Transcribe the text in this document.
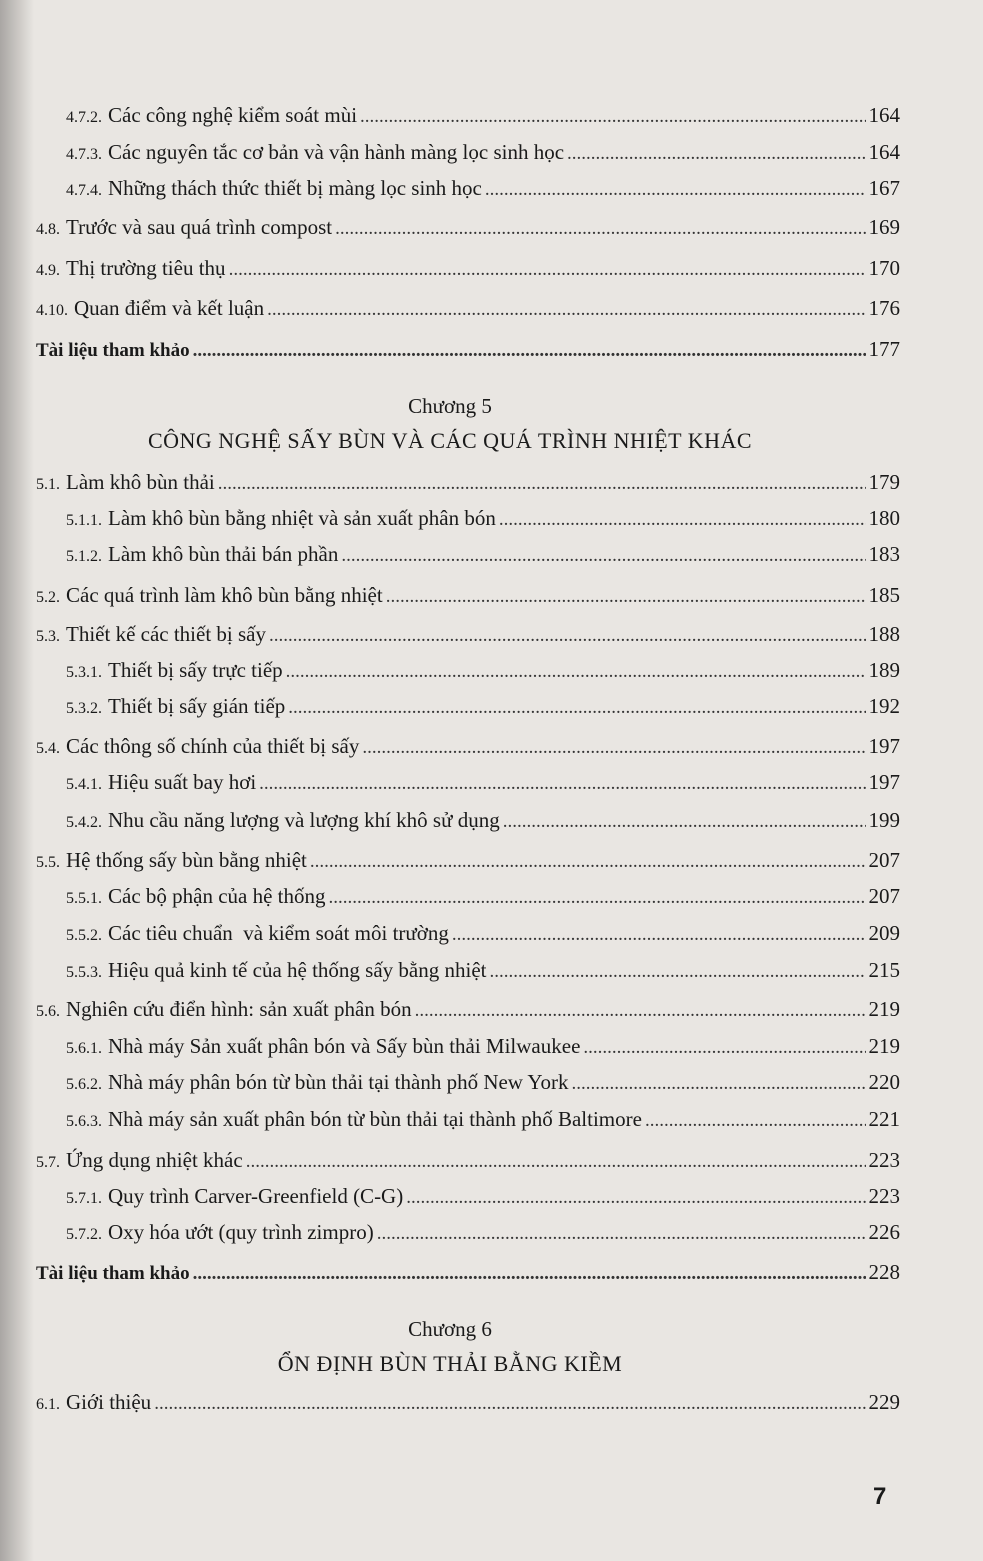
4.7.2. Các công nghệ kiểm soát mùi .....	164
4.7.3. Các nguyên tắc cơ bản và vận hành màng lọc sinh học .....	164
4.7.4. Những thách thức thiết bị màng lọc sinh học .....	167
4.8. Trước và sau quá trình compost .....	169
4.9. Thị trường tiêu thụ .....	170
4.10. Quan điểm và kết luận .....	176
Tài liệu tham khảo .....	177
Chương 5
CÔNG NGHỆ SẤY BÙN VÀ CÁC QUÁ TRÌNH NHIỆT KHÁC
5.1. Làm khô bùn thải .....	179
5.1.1. Làm khô bùn bằng nhiệt và sản xuất phân bón .....	180
5.1.2. Làm khô bùn thải bán phần .....	183
5.2. Các quá trình làm khô bùn bằng nhiệt .....	185
5.3. Thiết kế các thiết bị sấy .....	188
5.3.1. Thiết bị sấy trực tiếp .....	189
5.3.2. Thiết bị sấy gián tiếp .....	192
5.4. Các thông số chính của thiết bị sấy .....	197
5.4.1. Hiệu suất bay hơi .....	197
5.4.2. Nhu cầu năng lượng và lượng khí khô sử dụng .....	199
5.5. Hệ thống sấy bùn bằng nhiệt .....	207
5.5.1. Các bộ phận của hệ thống .....	207
5.5.2. Các tiêu chuẩn  và kiểm soát môi trường .....	209
5.5.3. Hiệu quả kinh tế của hệ thống sấy bằng nhiệt .....	215
5.6. Nghiên cứu điển hình: sản xuất phân bón .....	219
5.6.1. Nhà máy Sản xuất phân bón và Sấy bùn thải Milwaukee .....	219
5.6.2. Nhà máy phân bón từ bùn thải tại thành phố New York .....	220
5.6.3. Nhà máy sản xuất phân bón từ bùn thải tại thành phố Baltimore .....	221
5.7. Ứng dụng nhiệt khác .....	223
5.7.1. Quy trình Carver-Greenfield (C-G) .....	223
5.7.2. Oxy hóa ướt (quy trình zimpro) .....	226
Tài liệu tham khảo .....	228
Chương 6
ỔN ĐỊNH BÙN THẢI BẰNG KIỀM
6.1. Giới thiệu .....	229
7
